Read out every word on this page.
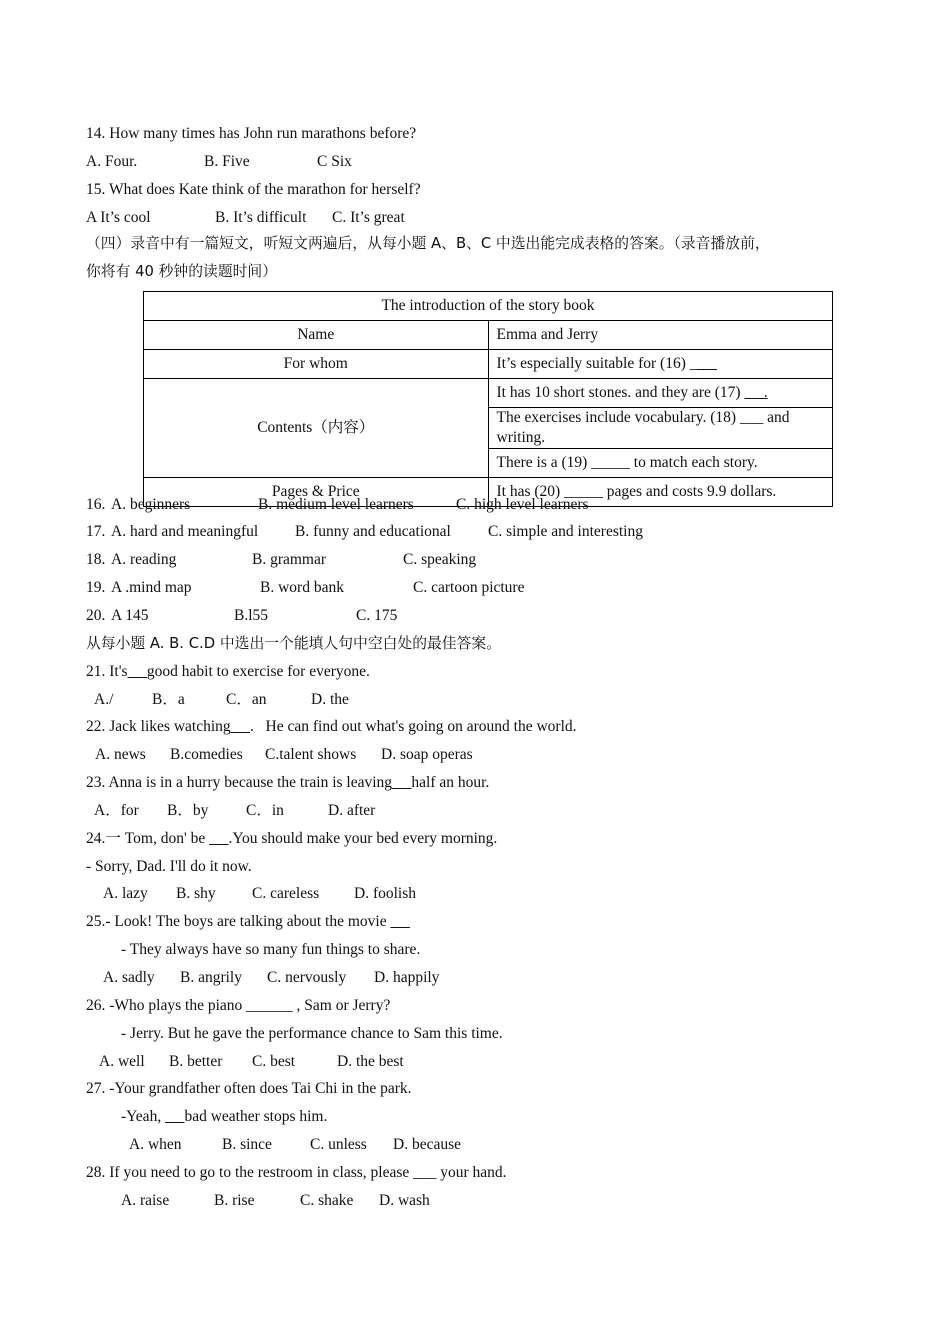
14. How many times has John run marathons before?
A. Four.	B. Five	C Six
15. What does Kate think of the marathon for herself?
A It’s cool	B. It’s difficult C. It’s great
（四）录音中有一篇短文，听短文两遍后，从每小题 A、B、C 中选出能完成表格的答案。（录音播放前，
你将有 40 秒钟的读题时间）
The introduction of the story book	
Name	Emma and Jerry
For whom	It’s especially suitable for (16) _
Contents（内容）	It has 10 short stones. and they are (17)      .
	The exercises include vocabulary. (18) ___ and writing.
	There is a (19) _____ to match each story.
Pages & Price	It has (20) _____ pages and costs 9.9 dollars.
16. A. beginners	B. medium level learners	C. high level learners
17. A. hard and meaningful B. funny and educational C. simple and interesting
18. A. reading	B. grammar	C. speaking
19. A .mind map	B. word bank	C. cartoon picture
20. A 145	B.l55	C. 175
从每小题 A. B. C.D 中选出一个能填人句中空白处的最佳答案。
21. It's good habit to exercise for everyone.
A./ B．a	C．an	D. the
22. Jack likes watching .   He can find out what's going on around the world.
A. news B.comedies C.talent shows D. soap operas
23. Anna is in a hurry because the train is leaving half an hour.
A．for B．by C．in	D. after
24.一 Tom, don' be      .You should make your bed every morning.
- Sorry, Dad. I'll do it now.
A. lazy B. shy C. careless D. foolish
25.- Look! The boys are talking about the movie
- They always have so many fun things to share.
A. sadly B. angrily C. nervously D. happily
26. -Who plays the piano ______ , Sam or Jerry?
- Jerry. But he gave the performance chance to Sam this time.
A. well B. better C. best	D. the best
27. -Your grandfather often does Tai Chi in the park.
-Yeah,      bad weather stops him.
A. when	B. since C. unless D. because
28. If you need to go to the restroom in class, please ___ your hand.
A. raise	B. rise	C. shake D. wash
